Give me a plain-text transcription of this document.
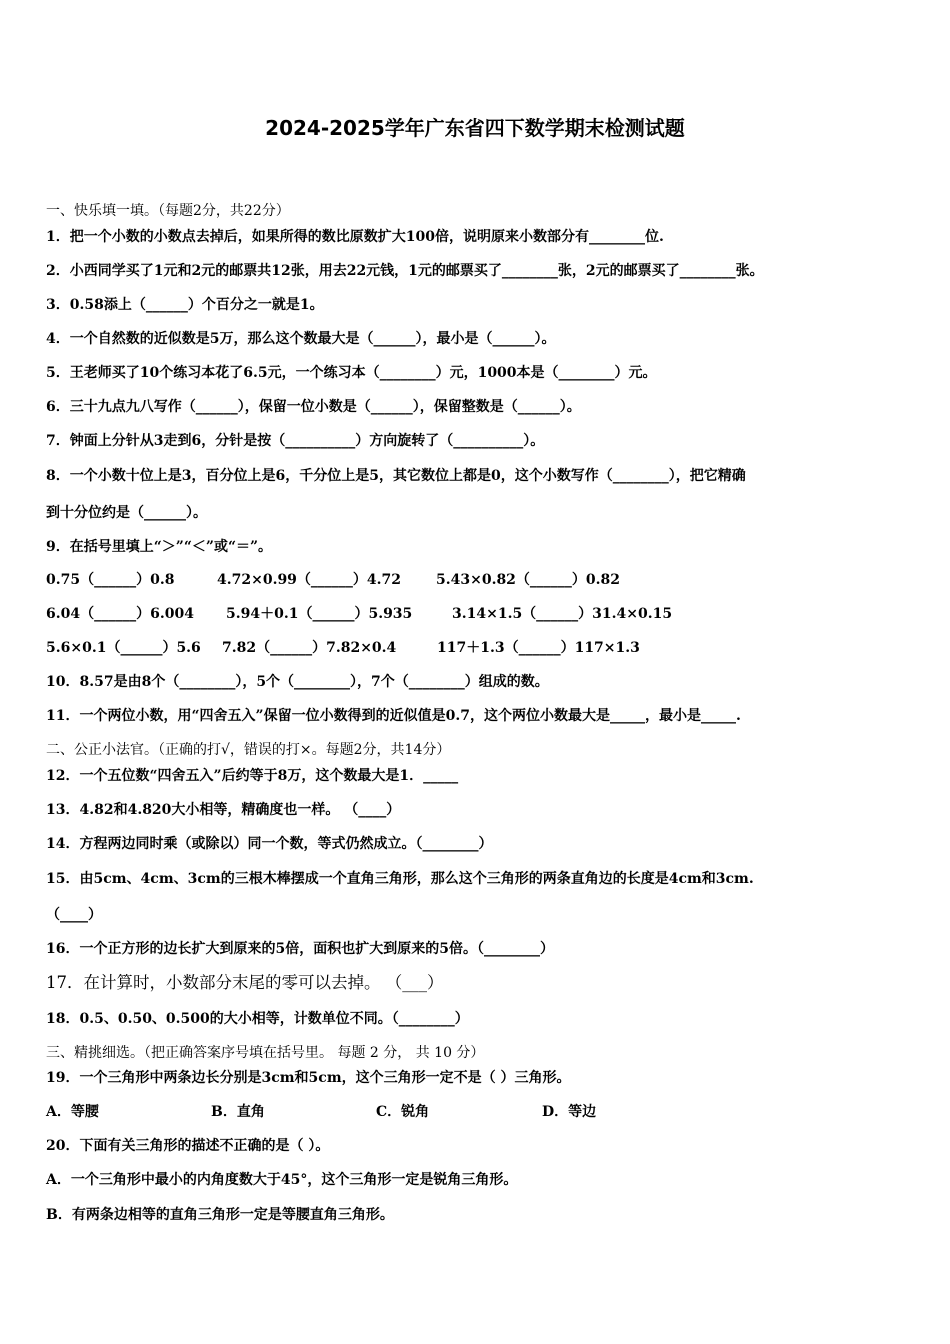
2024-2025学年广东省四下数学期末检测试题
一、快乐填一填。（每题2分，共22分）
1．把一个小数的小数点去掉后，如果所得的数比原数扩大100倍，说明原来小数部分有________位.
2．小西同学买了1元和2元的邮票共12张，用去22元钱，1元的邮票买了________张，2元的邮票买了________张。
3．0.58添上（______）个百分之一就是1。
4．一个自然数的近似数是5万，那么这个数最大是（______），最小是（______）。
5．王老师买了10个练习本花了6.5元，一个练习本（________）元，1000本是（________）元。
6．三十九点九八写作（______），保留一位小数是（______），保留整数是（______）。
7．钟面上分针从3走到6，分针是按（__________）方向旋转了（__________）。
8．一个小数十位上是3，百分位上是6，千分位上是5，其它数位上都是0，这个小数写作（________），把它精确
到十分位约是（______）。
9．在括号里填上“＞”“＜”或“＝”。
0.75（______）0.8	4.72×0.99（______）4.72 5.43×0.82（______）0.82
6.04（______）6.004 5.94＋0.1（______）5.935	3.14×1.5（______）31.4×0.15
5.6×0.1（______）5.6 7.82（______）7.82×0.4	117＋1.3（______）117×1.3
10．8.57是由8个（________），5个（________），7个（________）组成的数。
11．一个两位小数，用“四舍五入”保留一位小数得到的近似值是0.7，这个两位小数最大是_____，最小是_____.
二、公正小法官。（正确的打√，错误的打×。每题2分，共14分）
12．一个五位数“四舍五入”后约等于8万，这个数最大是1．_____
13．4.82和4.820大小相等，精确度也一样。 （____）
14．方程两边同时乘（或除以）同一个数，等式仍然成立。（________）
15．由5cm、4cm、3cm的三根木棒摆成一个直角三角形，那么这个三角形的两条直角边的长度是4cm和3cm.
（____）
16．一个正方形的边长扩大到原来的5倍，面积也扩大到原来的5倍。（________）
17．在计算时，小数部分末尾的零可以去掉。 （___）
18．0.5、0.50、0.500的大小相等，计数单位不同。（________）
三、精挑细选。（把正确答案序号填在括号里。 每题 2 分， 共 10 分）
19．一个三角形中两条边长分别是3cm和5cm，这个三角形一定不是（ ）三角形。
A．等腰	B．直角	C．锐角	D．等边
20．下面有关三角形的描述不正确的是（ ）。
A．一个三角形中最小的内角度数大于45°，这个三角形一定是锐角三角形。
B．有两条边相等的直角三角形一定是等腰直角三角形。
